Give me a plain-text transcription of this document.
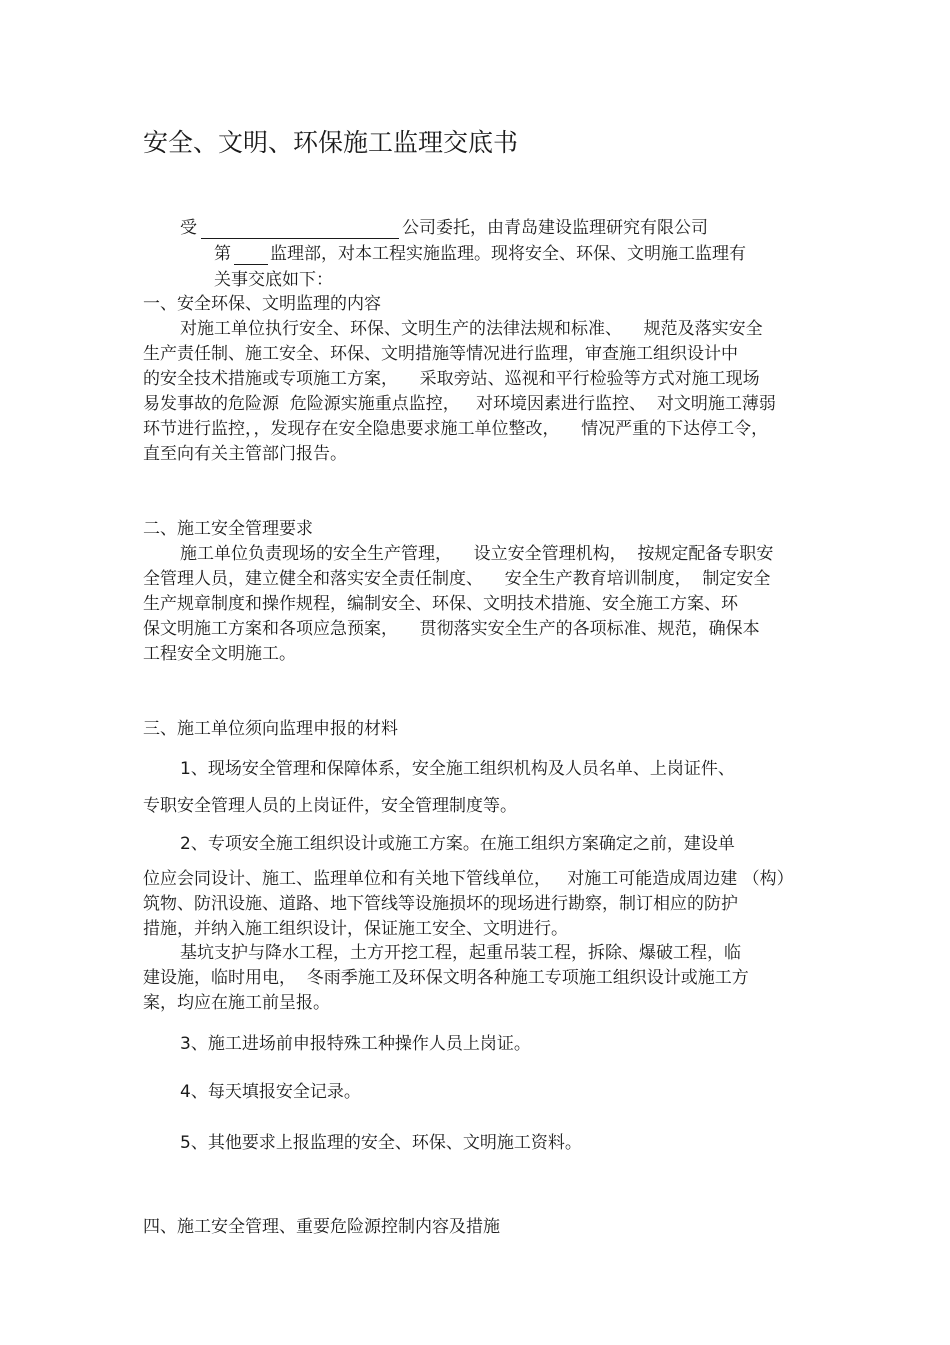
安全、文明、环保施工监理交底书
受	公司委托，由青岛建设监理研究有限公司
第 监理部，对本工程实施监理。现将安全、环保、文明施工监理有
关事交底如下：
一、安全环保、文明监理的内容
对施工单位执行安全、环保、文明生产的法律法规和标准、    规范及落实安全
生产责任制、施工安全、环保、文明措施等情况进行监理，审查施工组织设计中
的安全技术措施或专项施工方案，    采取旁站、巡视和平行检验等方式对施工现场
易发事故的危险源  危险源实施重点监控，   对环境因素进行监控、  对文明施工薄弱
环节进行监控，，发现存在安全隐患要求施工单位整改，    情况严重的下达停工令，
直至向有关主管部门报告。
二、施工安全管理要求
施工单位负责现场的安全生产管理，    设立安全管理机构，  按规定配备专职安
全管理人员，建立健全和落实安全责任制度、    安全生产教育培训制度，  制定安全
生产规章制度和操作规程，编制安全、环保、文明技术措施、安全施工方案、环
保文明施工方案和各项应急预案，    贯彻落实安全生产的各项标准、规范，确保本
工程安全文明施工。
三、施工单位须向监理申报的材料
1、现场安全管理和保障体系，安全施工组织机构及人员名单、上岗证件、
专职安全管理人员的上岗证件，安全管理制度等。
2、专项安全施工组织设计或施工方案。在施工组织方案确定之前，建设单
位应会同设计、施工、监理单位和有关地下管线单位，   对施工可能造成周边建 （构）
筑物、防汛设施、道路、地下管线等设施损坏的现场进行勘察，制订相应的防护
措施，并纳入施工组织设计，保证施工安全、文明进行。
基坑支护与降水工程，土方开挖工程，起重吊装工程，拆除、爆破工程，临
建设施，临时用电，  冬雨季施工及环保文明各种施工专项施工组织设计或施工方
案，均应在施工前呈报。
3、施工进场前申报特殊工种操作人员上岗证。
4、每天填报安全记录。
5、其他要求上报监理的安全、环保、文明施工资料。
四、施工安全管理、重要危险源控制内容及措施
